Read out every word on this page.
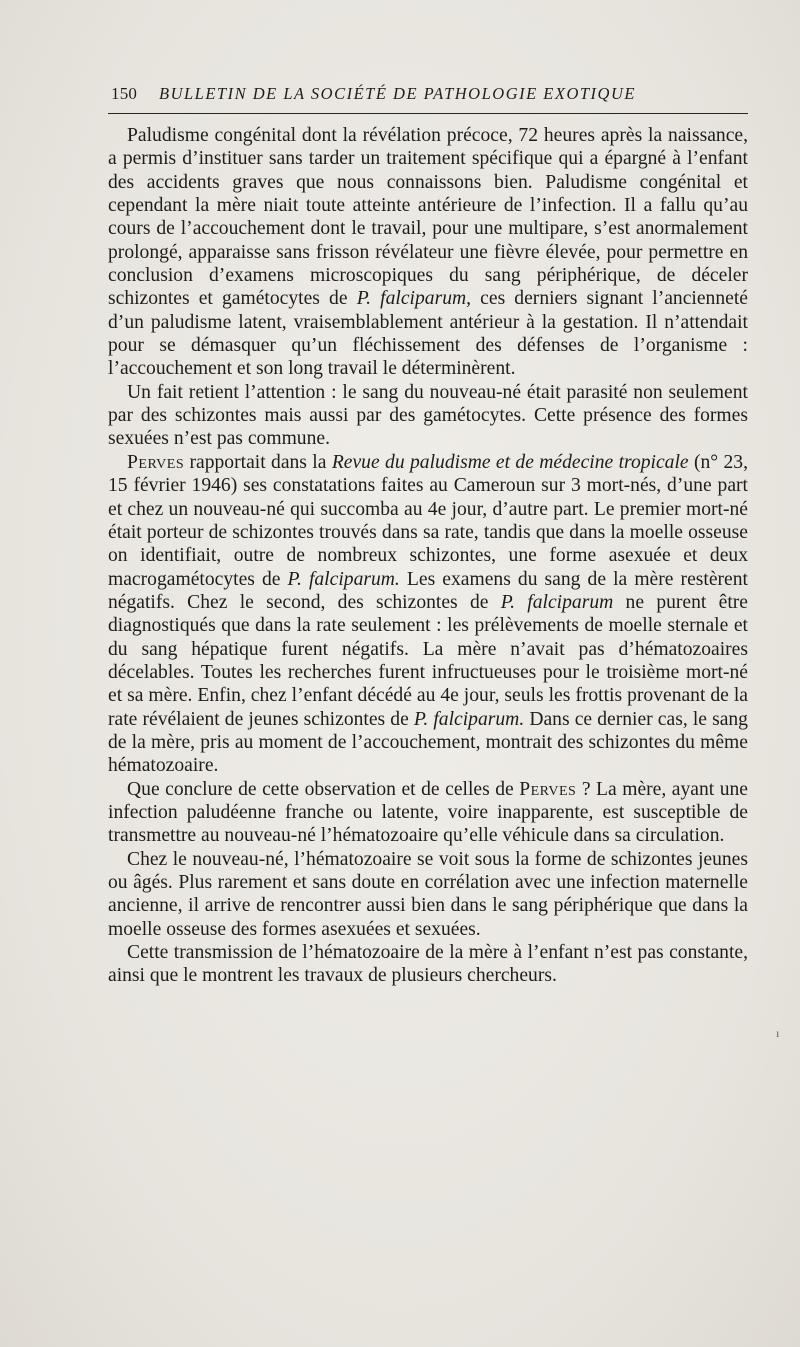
150 BULLETIN DE LA SOCIÉTÉ DE PATHOLOGIE EXOTIQUE

Paludisme congénital dont la révélation précoce, 72 heures après la naissance, a permis d’instituer sans tarder un traitement spécifique qui a épargné à l’enfant des accidents graves que nous connaissons bien. Paludisme congénital et cependant la mère niait toute atteinte antérieure de l’infection. Il a fallu qu’au cours de l’accouchement dont le travail, pour une multipare, s’est anormalement prolongé, apparaisse sans frisson révélateur une fièvre élevée, pour permettre en conclusion d’examens microscopiques du sang périphérique, de déceler schizontes et gamétocytes de P. falciparum, ces derniers signant l’ancienneté d’un paludisme latent, vraisemblablement antérieur à la gestation. Il n’attendait pour se démasquer qu’un fléchissement des défenses de l’organisme : l’accouchement et son long travail le déterminèrent.

Un fait retient l’attention : le sang du nouveau-né était parasité non seulement par des schizontes mais aussi par des gamétocytes. Cette présence des formes sexuées n’est pas commune.

Perves rapportait dans la Revue du paludisme et de médecine tropicale (n° 23, 15 février 1946) ses constatations faites au Cameroun sur 3 mort-nés, d’une part et chez un nouveau-né qui succomba au 4e jour, d’autre part. Le premier mort-né était porteur de schizontes trouvés dans sa rate, tandis que dans la moelle osseuse on identifiait, outre de nombreux schizontes, une forme asexuée et deux macrogamétocytes de P. falciparum. Les examens du sang de la mère restèrent négatifs. Chez le second, des schizontes de P. falciparum ne purent être diagnostiqués que dans la rate seulement : les prélèvements de moelle sternale et du sang hépatique furent négatifs. La mère n’avait pas d’hématozoaires décelables. Toutes les recherches furent infructueuses pour le troisième mort-né et sa mère. Enfin, chez l’enfant décédé au 4e jour, seuls les frottis provenant de la rate révélaient de jeunes schizontes de P. falciparum. Dans ce dernier cas, le sang de la mère, pris au moment de l’accouchement, montrait des schizontes du même hématozoaire.

Que conclure de cette observation et de celles de Perves ? La mère, ayant une infection paludéenne franche ou latente, voire inapparente, est susceptible de transmettre au nouveau-né l’hématozoaire qu’elle véhicule dans sa circulation.

Chez le nouveau-né, l’hématozoaire se voit sous la forme de schizontes jeunes ou âgés. Plus rarement et sans doute en corrélation avec une infection maternelle ancienne, il arrive de rencontrer aussi bien dans le sang périphérique que dans la moelle osseuse des formes asexuées et sexuées.

Cette transmission de l’hématozoaire de la mère à l’enfant n’est pas constante, ainsi que le montrent les travaux de plusieurs chercheurs.

ı
